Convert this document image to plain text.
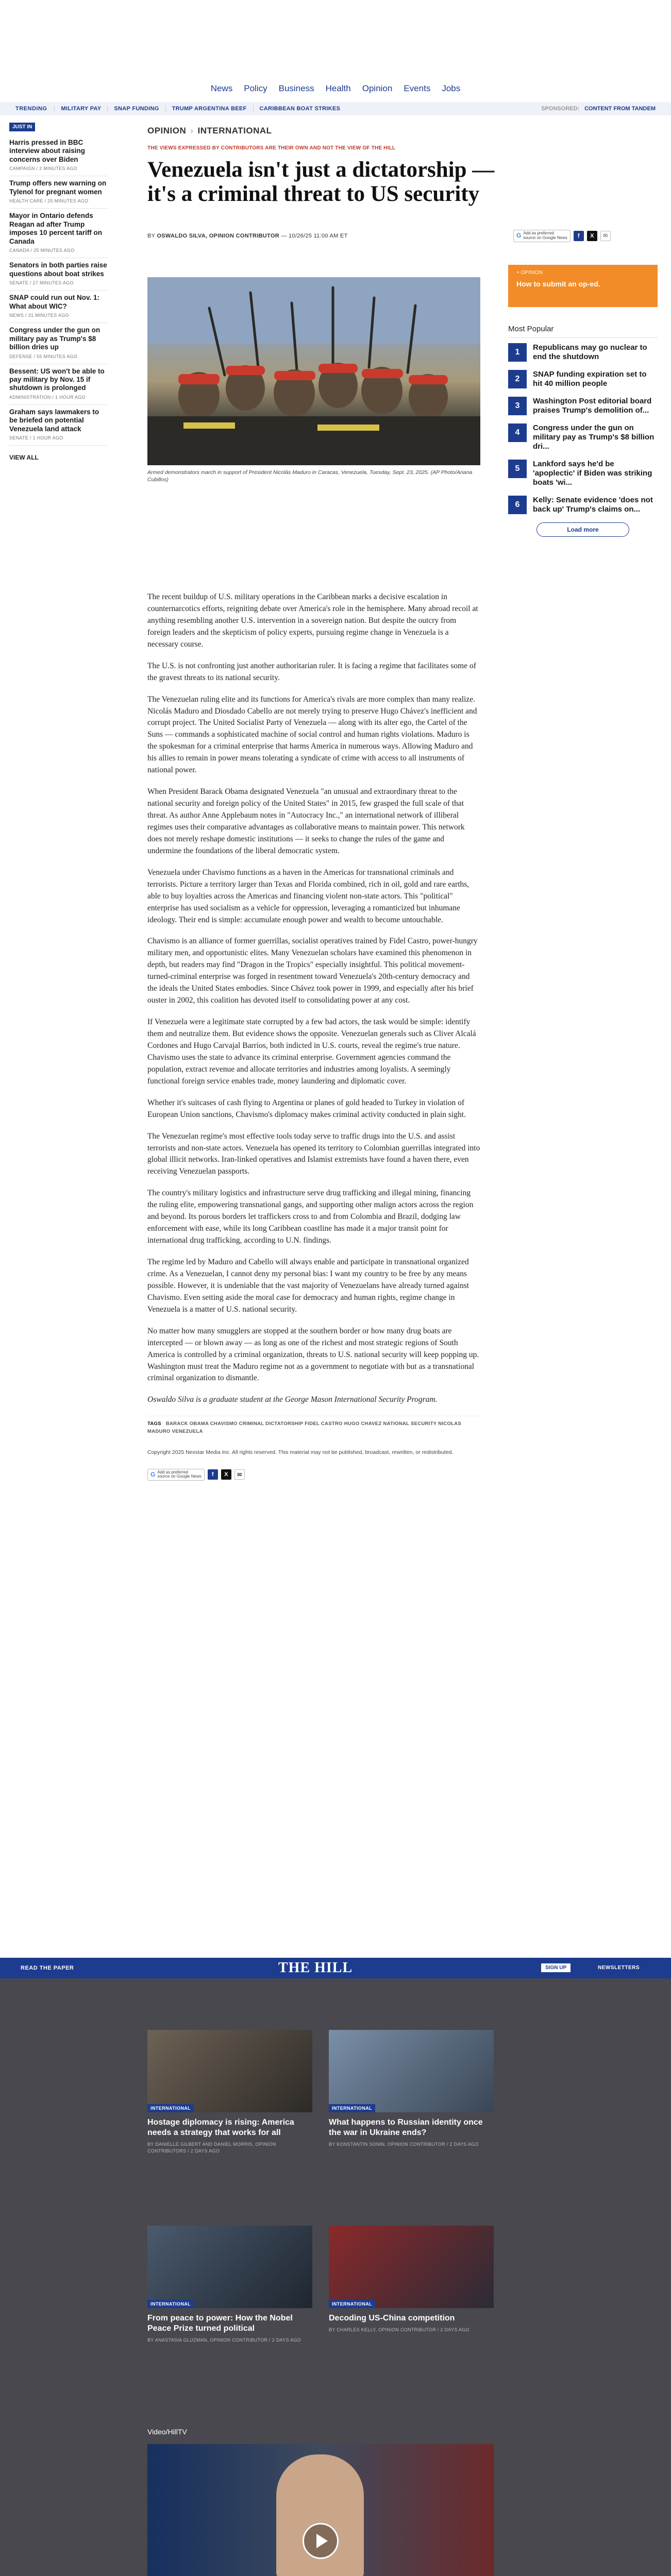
News Policy Business Health Opinion Events Jobs
TRENDING	MILITARY PAY	SNAP FUNDING	TRUMP ARGENTINA BEEF	CARIBBEAN BOAT STRIKES	SPONSORED: CONTENT FROM TANDEM
JUST IN
Harris pressed in BBC interview about raising concerns over Biden
CAMPAIGN / 2 MINUTES AGO
Trump offers new warning on Tylenol for pregnant women
HEALTH CARE / 25 MINUTES AGO
Mayor in Ontario defends Reagan ad after Trump imposes 10 percent tariff on Canada
CANADA / 25 MINUTES AGO
Senators in both parties raise questions about boat strikes
SENATE / 27 MINUTES AGO
SNAP could run out Nov. 1: What about WIC?
NEWS / 31 MINUTES AGO
Congress under the gun on military pay as Trump's $8 billion dries up
DEFENSE / 55 MINUTES AGO
Bessent: US won't be able to pay military by Nov. 15 if shutdown is prolonged
ADMINISTRATION / 1 HOUR AGO
Graham says lawmakers to be briefed on potential Venezuela land attack
SENATE / 1 HOUR AGO
VIEW ALL
OPINION › INTERNATIONAL
THE VIEWS EXPRESSED BY CONTRIBUTORS ARE THEIR OWN AND NOT THE VIEW OF THE HILL
Venezuela isn't just a dictatorship — it's a criminal threat to US security
BY OSWALDO SILVA, OPINION CONTRIBUTOR — 10/26/25 11:00 AM ET	G Add as preferred
source on Google News	f	X	✉
Armed demonstrators march in support of President Nicolás Maduro in Caracas, Venezuela, Tuesday, Sept. 23, 2025. (AP Photo/Ariana Cubillos)
+ OPINION
How to submit an op-ed.
Most Popular
1
Republicans may go nuclear to end the shutdown
2
SNAP funding expiration set to hit 40 million people
3
Washington Post editorial board praises Trump's demolition of...
4
Congress under the gun on military pay as Trump's $8 billion dri...
5
Lankford says he'd be 'apoplectic' if Biden was striking boats 'wi...
6
Kelly: Senate evidence 'does not back up' Trump's claims on...
Load more

The recent buildup of U.S. military operations in the Caribbean marks a decisive escalation in counternarcotics efforts, reigniting debate over America's role in the hemisphere. Many abroad recoil at anything resembling another U.S. intervention in a sovereign nation. But despite the outcry from foreign leaders and the skepticism of policy experts, pursuing regime change in Venezuela is a necessary course.

The U.S. is not confronting just another authoritarian ruler. It is facing a regime that facilitates some of the gravest threats to its national security.

The Venezuelan ruling elite and its functions for America's rivals are more complex than many realize. Nicolás Maduro and Diosdado Cabello are not merely trying to preserve Hugo Chávez's inefficient and corrupt project. The United Socialist Party of Venezuela — along with its alter ego, the Cartel of the Suns — commands a sophisticated machine of social control and human rights violations. Maduro is the spokesman for a criminal enterprise that harms America in numerous ways. Allowing Maduro and his allies to remain in power means tolerating a syndicate of crime with access to all instruments of national power.

When President Barack Obama designated Venezuela "an unusual and extraordinary threat to the national security and foreign policy of the United States" in 2015, few grasped the full scale of that threat. As author Anne Applebaum notes in "Autocracy Inc.," an international network of illiberal regimes uses their comparative advantages as collaborative means to maintain power. This network does not merely reshape domestic institutions — it seeks to change the rules of the game and undermine the foundations of the liberal democratic system.

Venezuela under Chavismo functions as a haven in the Americas for transnational criminals and terrorists. Picture a territory larger than Texas and Florida combined, rich in oil, gold and rare earths, able to buy loyalties across the Americas and financing violent non-state actors. This "political" enterprise has used socialism as a vehicle for oppression, leveraging a romanticized but inhumane ideology. Their end is simple: accumulate enough power and wealth to become untouchable.

Chavismo is an alliance of former guerrillas, socialist operatives trained by Fidel Castro, power-hungry military men, and opportunistic elites. Many Venezuelan scholars have examined this phenomenon in depth, but readers may find "Dragon in the Tropics" especially insightful. This political movement-turned-criminal enterprise was forged in resentment toward Venezuela's 20th-century democracy and the ideals the United States embodies. Since Chávez took power in 1999, and especially after his brief ouster in 2002, this coalition has devoted itself to consolidating power at any cost.

If Venezuela were a legitimate state corrupted by a few bad actors, the task would be simple: identify them and neutralize them. But evidence shows the opposite. Venezuelan generals such as Cliver Alcalá Cordones and Hugo Carvajal Barrios, both indicted in U.S. courts, reveal the regime's true nature. Chavismo uses the state to advance its criminal enterprise. Government agencies command the population, extract revenue and allocate territories and industries among loyalists. A seemingly functional foreign service enables trade, money laundering and diplomatic cover.

Whether it's suitcases of cash flying to Argentina or planes of gold headed to Turkey in violation of European Union sanctions, Chavismo's diplomacy makes criminal activity conducted in plain sight.

The Venezuelan regime's most effective tools today serve to traffic drugs into the U.S. and assist terrorists and non-state actors. Venezuela has opened its territory to Colombian guerrillas integrated into global illicit networks. Iran-linked operatives and Islamist extremists have found a haven there, even receiving Venezuelan passports.

The country's military logistics and infrastructure serve drug trafficking and illegal mining, financing the ruling elite, empowering transnational gangs, and supporting other malign actors across the region and beyond. Its porous borders let traffickers cross to and from Colombia and Brazil, dodging law enforcement with ease, while its long Caribbean coastline has made it a major transit point for international drug trafficking, according to U.N. findings.

The regime led by Maduro and Cabello will always enable and participate in transnational organized crime. As a Venezuelan, I cannot deny my personal bias: I want my country to be free by any means possible. However, it is undeniable that the vast majority of Venezuelans have already turned against Chavismo. Even setting aside the moral case for democracy and human rights, regime change in Venezuela is a matter of U.S. national security.

No matter how many smugglers are stopped at the southern border or how many drug boats are intercepted — or blown away — as long as one of the richest and most strategic regions of South America is controlled by a criminal organization, threats to U.S. national security will keep popping up. Washington must treat the Maduro regime not as a government to negotiate with but as a transnational criminal organization to dismantle.

Oswaldo Silva is a graduate student at the George Mason International Security Program.

TAGS BARACK OBAMA CHAVISMO CRIMINAL DICTATORSHIP FIDEL CASTRO HUGO CHAVEZ NATIONAL SECURITY NICOLAS MADURO VENEZUELA
Copyright 2025 Nexstar Media Inc. All rights reserved. This material may not be published, broadcast, rewritten, or redistributed.
G Add as preferred
source on Google News	f	X	✉
READ THE PAPER	THE HILL	SIGN UP	NEWSLETTERS
INTERNATIONAL
Hostage diplomacy is rising: America needs a strategy that works for all
BY DANIELLE GILBERT AND DANIEL MORRIS, OPINION CONTRIBUTORS / 2 DAYS AGO
INTERNATIONAL
What happens to Russian identity once the war in Ukraine ends?
BY KONSTANTIN SONIN, OPINION CONTRIBUTOR / 2 DAYS AGO
INTERNATIONAL
From peace to power: How the Nobel Peace Prize turned political
BY ANASTASIA GLUZMAN, OPINION CONTRIBUTOR / 2 DAYS AGO
INTERNATIONAL
Decoding US-China competition
BY CHARLES KELLY, OPINION CONTRIBUTOR / 2 DAYS AGO
Video/HillTV
